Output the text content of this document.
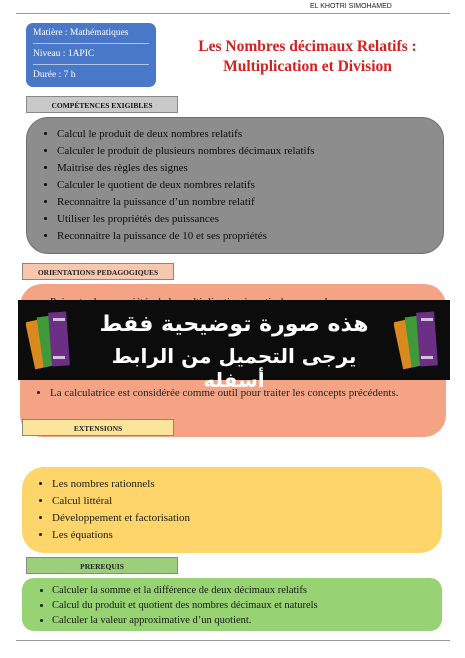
EL KHOTRI SIMOHAMED
Matière : Mathématiques
Niveau : 1APIC
Durée : 7 h
Les Nombres décimaux Relatifs :
Multiplication et Division
COMPÉTENCES EXIGIBLES
• Calcul le produit de deux nombres relatifs
• Calculer le produit de plusieurs nombres décimaux relatifs
• Maitrise des règles des signes
• Calculer le quotient de deux nombres relatifs
• Reconnaitre la puissance d’un nombre relatif
• Utiliser les propriétés des puissances
• Reconnaitre la puissance de 10 et ses propriétés
ORIENTATIONS PEDAGOGIQUES
•
• La calculatrice est considérée comme outil pour traiter les concepts précédents.
هذه صورة توضيحية فقط
يرجى التحميل من الرابط أسفله
EXTENSIONS
• Les nombres rationnels
• Calcul littéral
• Développement et factorisation
• Les équations
PREREQUIS
• Calculer la somme et la différence de deux décimaux relatifs
• Calcul du produit et quotient des nombres décimaux et naturels
• Calculer la valeur approximative d’un quotient.
